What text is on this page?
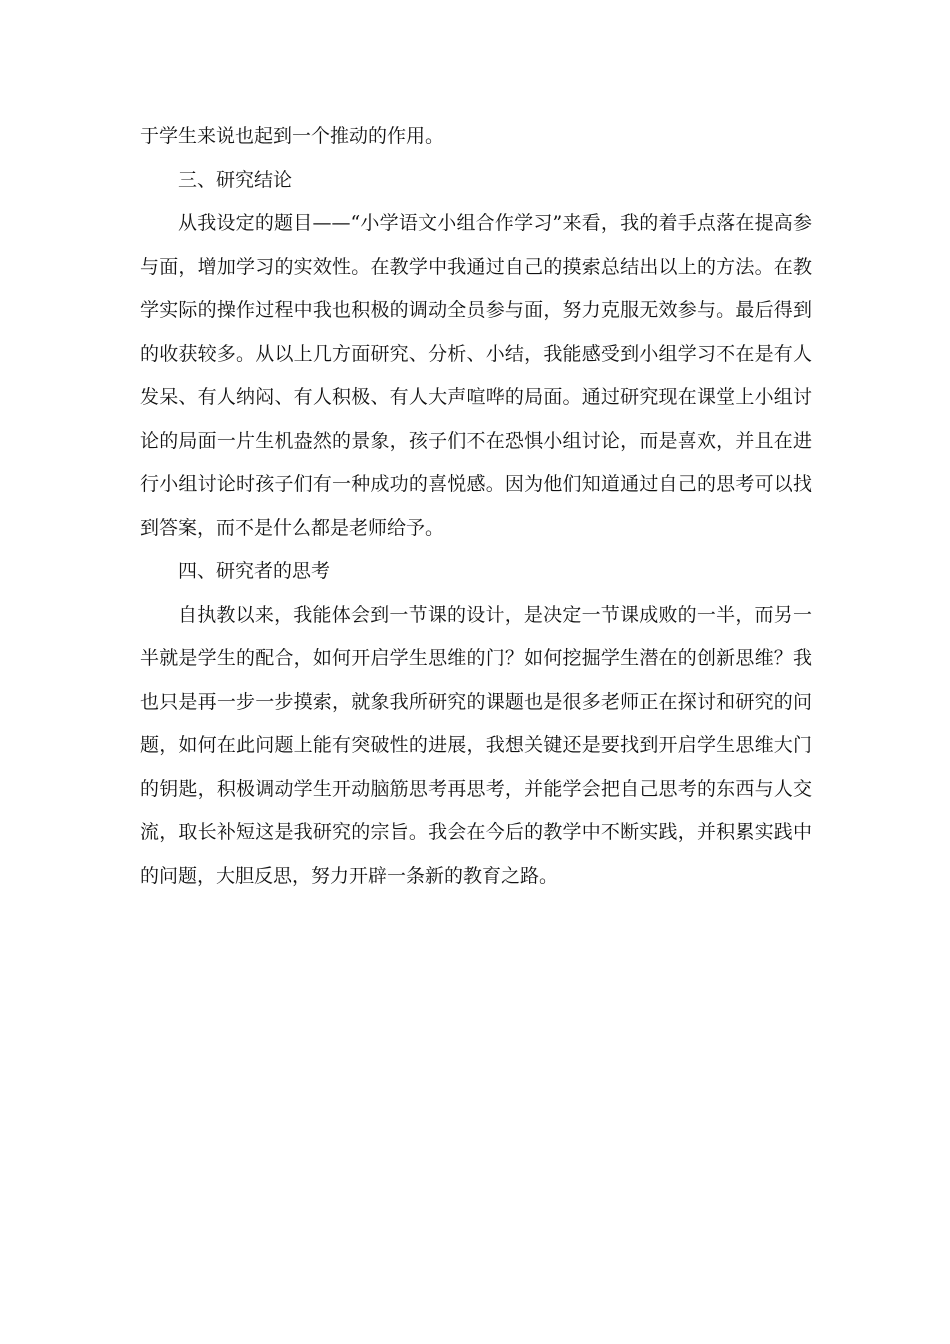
于学生来说也起到一个推动的作用。

三、研究结论

从我设定的题目——“小学语文小组合作学习”来看，我的着手点落在提高参与面，增加学习的实效性。在教学中我通过自己的摸索总结出以上的方法。在教学实际的操作过程中我也积极的调动全员参与面，努力克服无效参与。最后得到的收获较多。从以上几方面研究、分析、小结，我能感受到小组学习不在是有人发呆、有人纳闷、有人积极、有人大声喧哗的局面。通过研究现在课堂上小组讨论的局面一片生机盎然的景象，孩子们不在恐惧小组讨论，而是喜欢，并且在进行小组讨论时孩子们有一种成功的喜悦感。因为他们知道通过自己的思考可以找到答案，而不是什么都是老师给予。

四、研究者的思考

自执教以来，我能体会到一节课的设计，是决定一节课成败的一半，而另一半就是学生的配合，如何开启学生思维的门？如何挖掘学生潜在的创新思维？我也只是再一步一步摸索，就象我所研究的课题也是很多老师正在探讨和研究的问题，如何在此问题上能有突破性的进展，我想关键还是要找到开启学生思维大门的钥匙，积极调动学生开动脑筋思考再思考，并能学会把自己思考的东西与人交流，取长补短这是我研究的宗旨。我会在今后的教学中不断实践，并积累实践中的问题，大胆反思，努力开辟一条新的教育之路。
